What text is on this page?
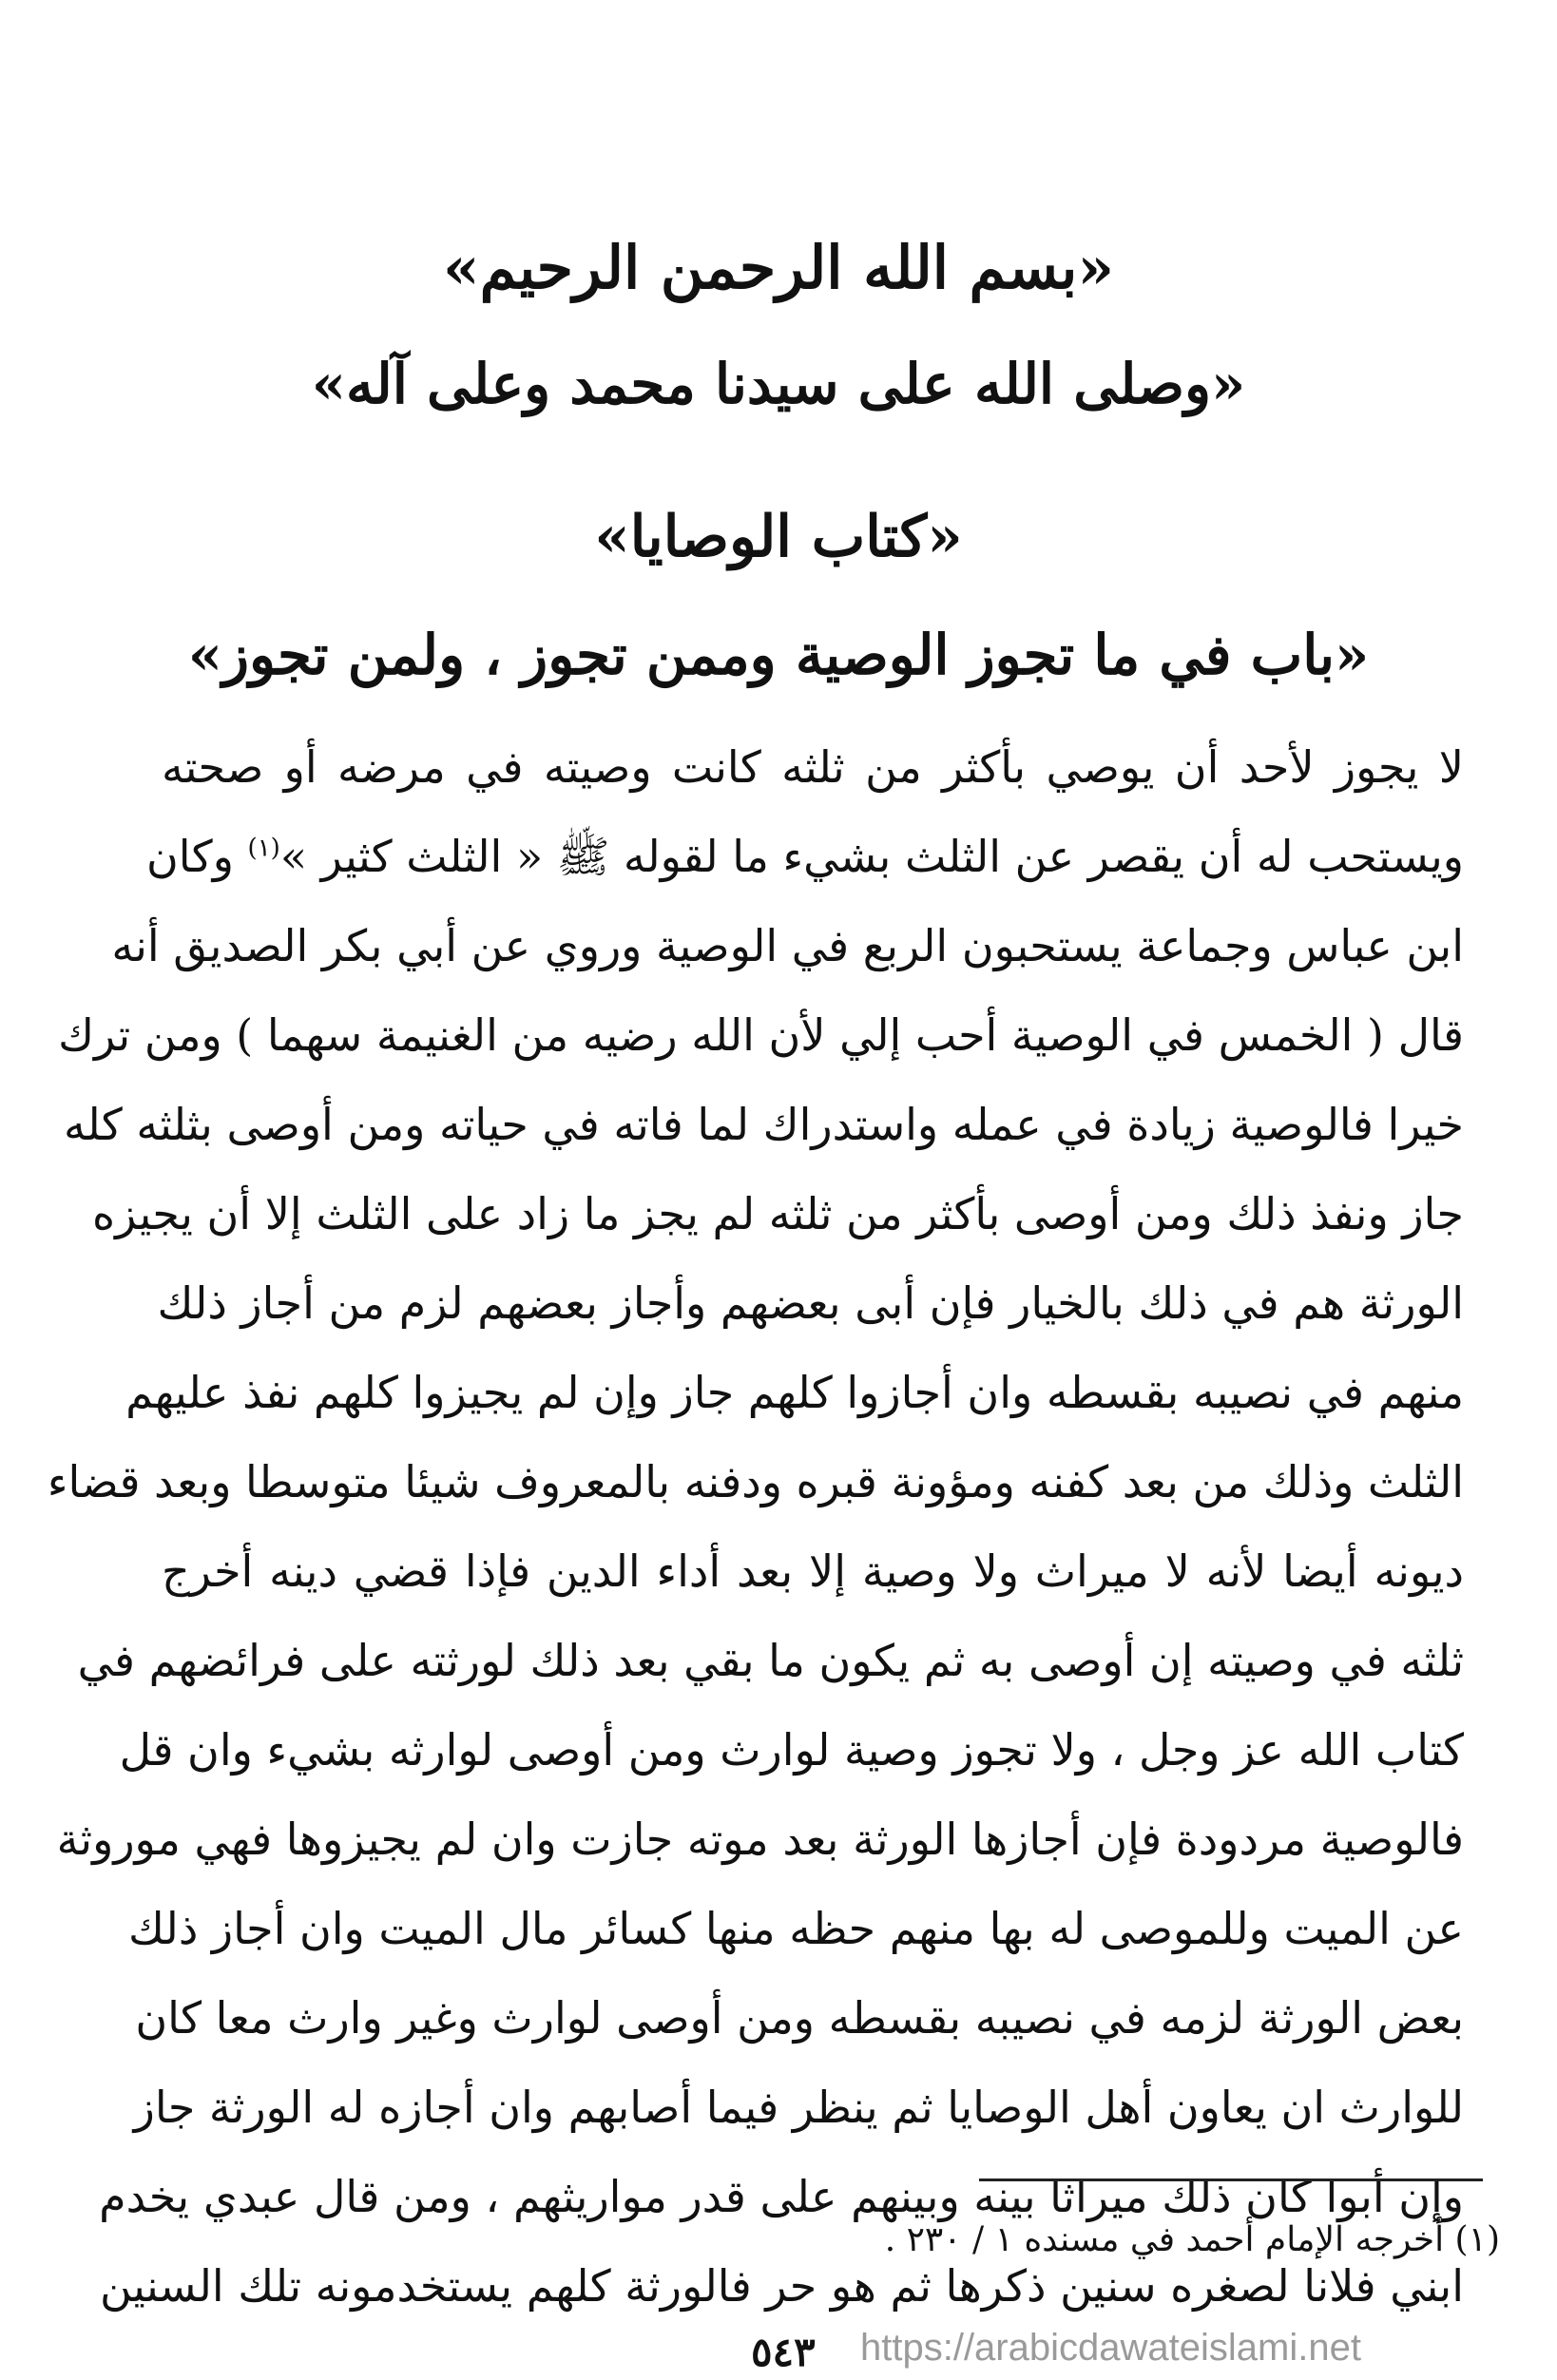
«بسم الله الرحمن الرحيم»
«وصلى الله على سيدنا محمد وعلى آله»
«كتاب الوصايا»
«باب في ما تجوز الوصية وممن تجوز ، ولمن تجوز»
لا يجوز لأحد أن يوصي بأكثر من ثلثه كانت وصيته في مرضه أو صحته
ويستحب له أن يقصر عن الثلث بشيء ما لقوله ﷺ « الثلث كثير »$^{(١)}$ وكان
ابن عباس وجماعة يستحبون الربع في الوصية وروي عن أبي بكر الصديق أنه
قال ( الخمس في الوصية أحب إلي لأن الله رضيه من الغنيمة سهما ) ومن ترك
خيرا فالوصية زيادة في عمله واستدراك لما فاته في حياته ومن أوصى بثلثه كله
جاز ونفذ ذلك ومن أوصى بأكثر من ثلثه لم يجز ما زاد على الثلث إلا أن يجيزه
الورثة هم في ذلك بالخيار فإن أبى بعضهم وأجاز بعضهم لزم من أجاز ذلك
منهم في نصيبه بقسطه وان أجازوا كلهم جاز وإن لم يجيزوا كلهم نفذ عليهم
الثلث وذلك من بعد كفنه ومؤونة قبره ودفنه بالمعروف شيئا متوسطا وبعد قضاء
ديونه أيضا لأنه لا ميراث ولا وصية إلا بعد أداء الدين فإذا قضي دينه أخرج
ثلثه في وصيته إن أوصى به ثم يكون ما بقي بعد ذلك لورثته على فرائضهم في
كتاب الله عز وجل ، ولا تجوز وصية لوارث ومن أوصى لوارثه بشيء وان قل
فالوصية مردودة فإن أجازها الورثة بعد موته جازت وان لم يجيزوها فهي موروثة
عن الميت وللموصى له بها منهم حظه منها كسائر مال الميت وان أجاز ذلك
بعض الورثة لزمه في نصيبه بقسطه ومن أوصى لوارث وغير وارث معا كان
للوارث ان يعاون أهل الوصايا ثم ينظر فيما أصابهم وان أجازه له الورثة جاز
وإن أبوا كان ذلك ميراثا بينه وبينهم على قدر مواريثهم ، ومن قال عبدي يخدم
ابني فلانا لصغره سنين ذكرها ثم هو حر فالورثة كلهم يستخدمونه تلك السنين
(١) أخرجه الإمام أحمد في مسنده ١ / ٢٣٠ .
٥٤٣ https://arabicdawateislami.net
